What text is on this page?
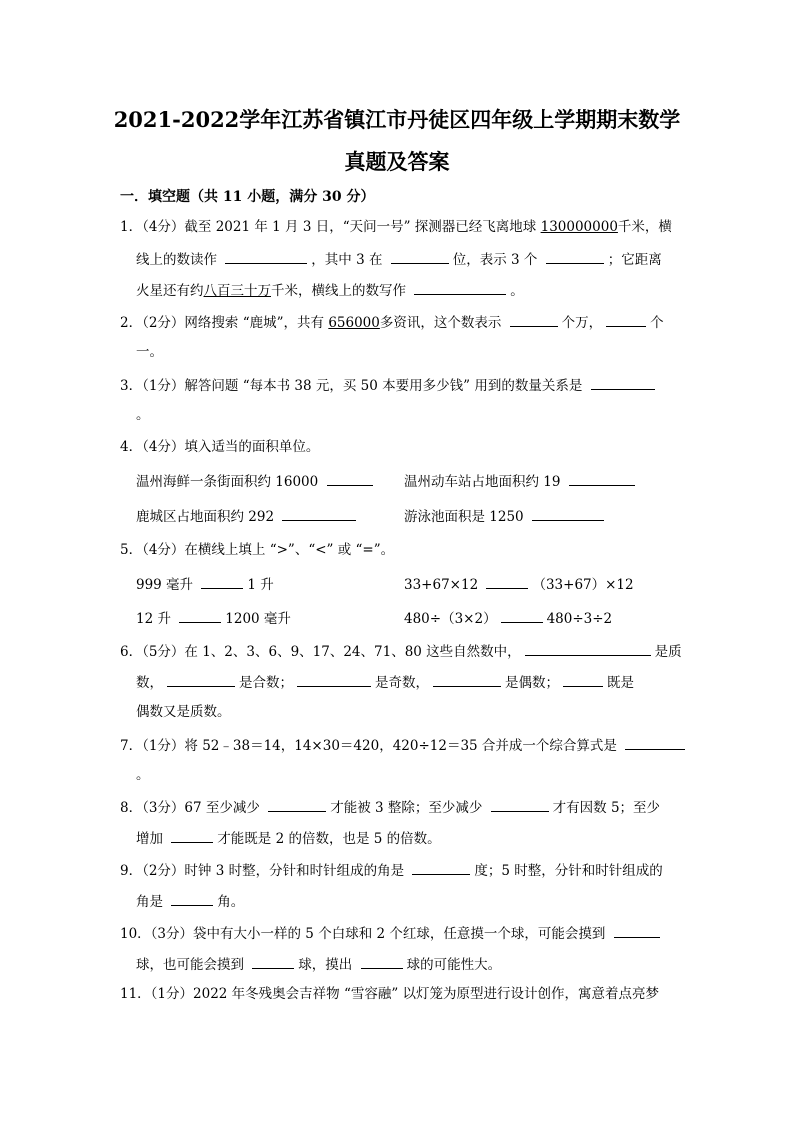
2021-2022学年江苏省镇江市丹徒区四年级上学期期末数学
真题及答案
一．填空题（共 11 小题，满分 30 分）
1．（4分）截至 2021 年 1 月 3 日，“天问一号” 探测器已经飞离地球 130000000千米，横
线上的数读作	，其中 3 在	位，表示 3 个	；它距离
火星还有约八百三十万千米，横线上的数写作	。
2．（2分）网络搜索 “鹿城”，共有 656000多资讯，这个数表示	个万，	个
一。
3．（1分）解答问题 “每本书 38 元，买 50 本要用多少钱” 用到的数量关系是
。
4．（4分）填入适当的面积单位。
温州海鲜一条街面积约 16000	温州动车站占地面积约 19
鹿城区占地面积约 292	游泳池面积是 1250
5．（4分）在横线上填上 “>”、“<” 或 “=”。
999 毫升	1 升	33+67×12	（33+67）×12
12 升	1200 毫升	480÷（3×2）	480÷3÷2
6．（5分）在 1、2、3、6、9、17、24、71、80 这些自然数中，	是质
数，	是合数；	是奇数，	是偶数；	既是
偶数又是质数。
7．（1分）将 52﹣38＝14，14×30＝420，420÷12＝35 合并成一个综合算式是
。
8．（3分）67 至少减少	才能被 3 整除；至少减少	才有因数 5；至少
增加	才能既是 2 的倍数，也是 5 的倍数。
9．（2分）时钟 3 时整，分针和时针组成的角是	度；5 时整，分针和时针组成的
角是	角。
10．（3分）袋中有大小一样的 5 个白球和 2 个红球，任意摸一个球，可能会摸到
球，也可能会摸到	球，摸出	球的可能性大。
11．（1分）2022 年冬残奥会吉祥物 “雪容融” 以灯笼为原型进行设计创作，寓意着点亮梦
